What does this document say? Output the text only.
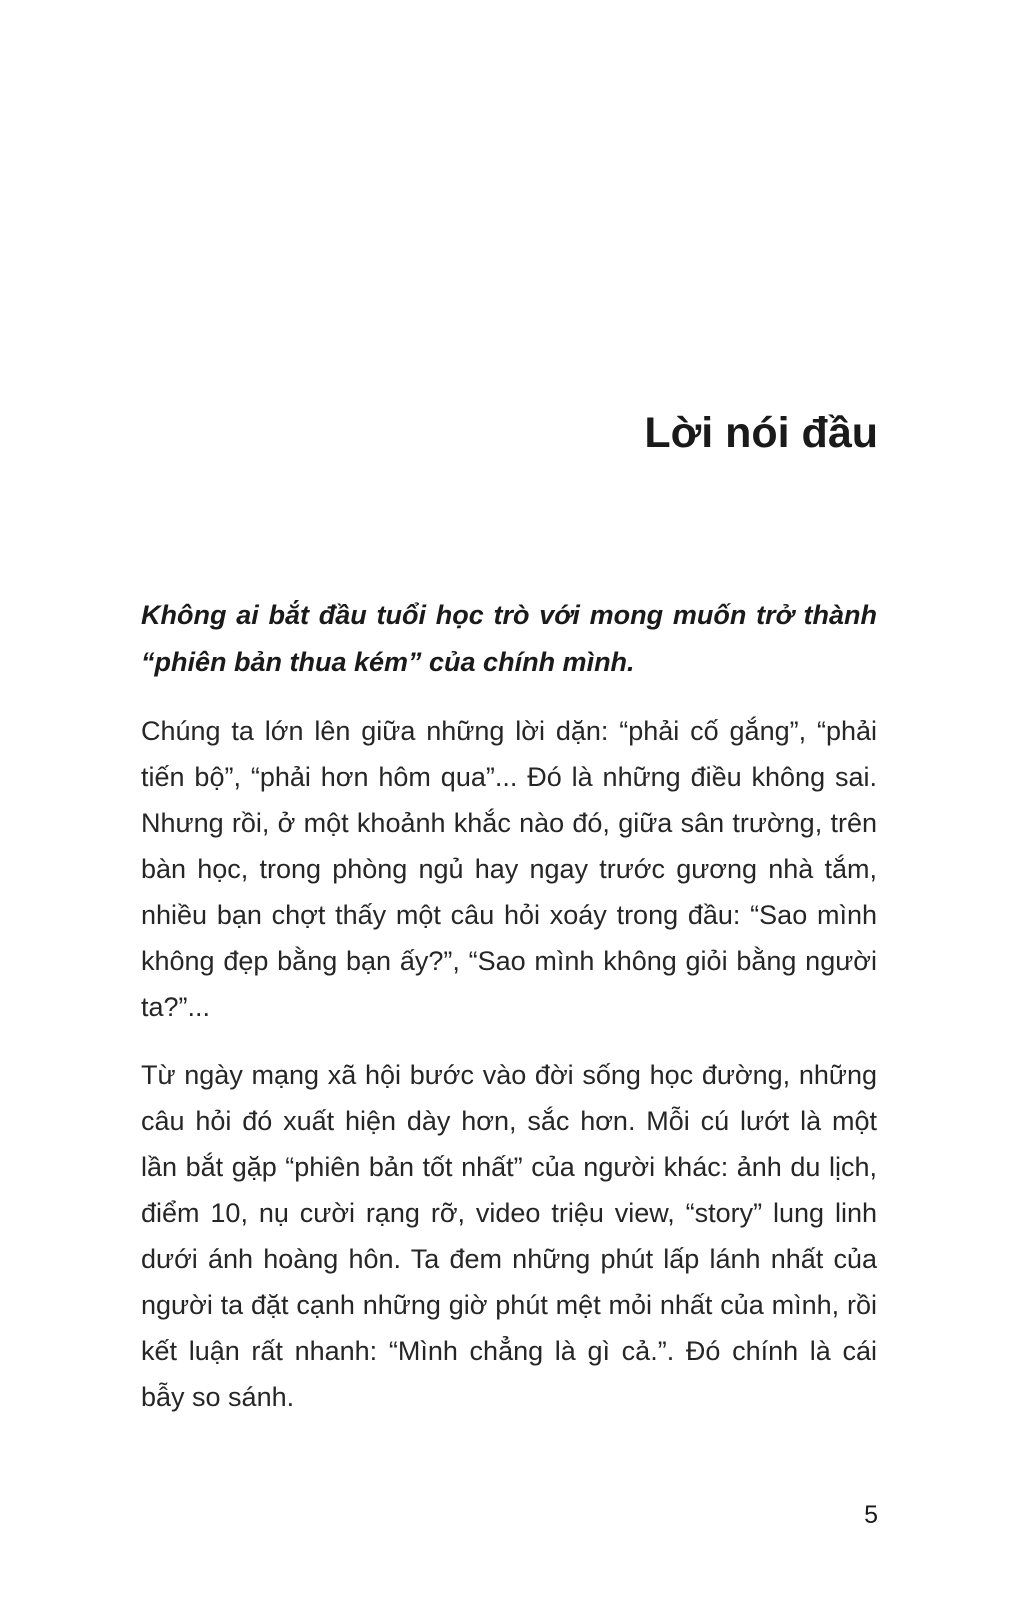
Lời nói đầu

Không ai bắt đầu tuổi học trò với mong muốn trở thành “phiên bản thua kém” của chính mình.

Chúng ta lớn lên giữa những lời dặn: “phải cố gắng”, “phải tiến bộ”, “phải hơn hôm qua”... Đó là những điều không sai. Nhưng rồi, ở một khoảnh khắc nào đó, giữa sân trường, trên bàn học, trong phòng ngủ hay ngay trước gương nhà tắm, nhiều bạn chợt thấy một câu hỏi xoáy trong đầu: “Sao mình không đẹp bằng bạn ấy?”, “Sao mình không giỏi bằng người ta?”...

Từ ngày mạng xã hội bước vào đời sống học đường, những câu hỏi đó xuất hiện dày hơn, sắc hơn. Mỗi cú lướt là một lần bắt gặp “phiên bản tốt nhất” của người khác: ảnh du lịch, điểm 10, nụ cười rạng rỡ, video triệu view, “story” lung linh dưới ánh hoàng hôn. Ta đem những phút lấp lánh nhất của người ta đặt cạnh những giờ phút mệt mỏi nhất của mình, rồi kết luận rất nhanh: “Mình chẳng là gì cả.”. Đó chính là cái bẫy so sánh.

5
